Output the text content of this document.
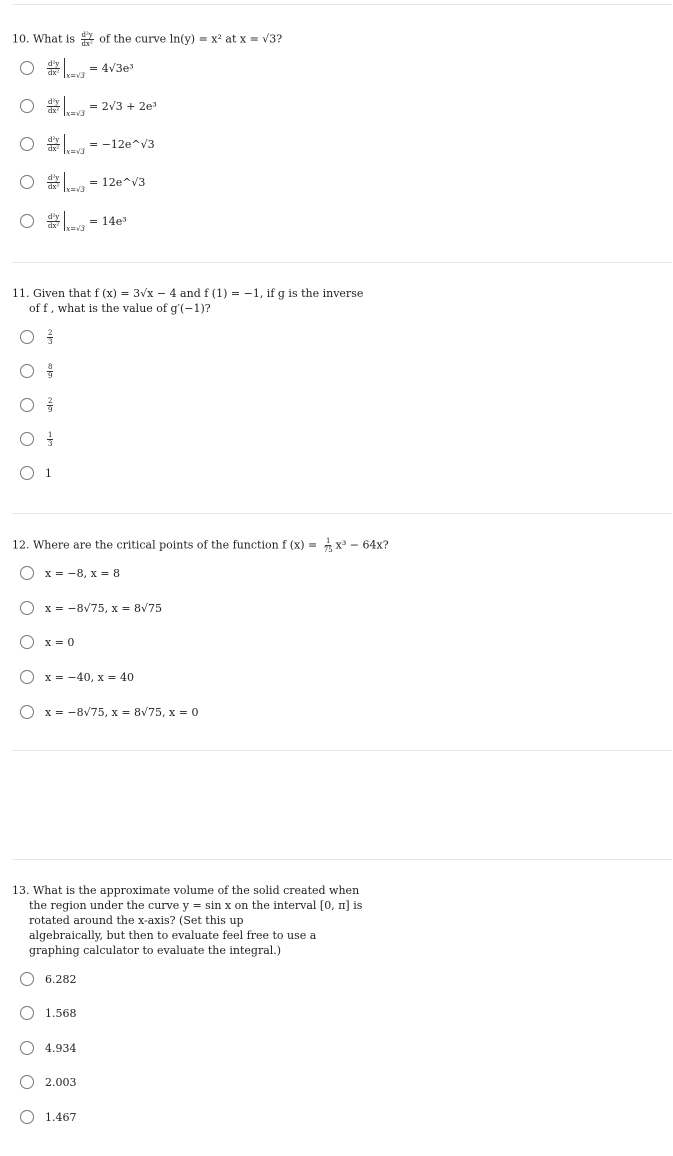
10. What is $\frac{\text{d²y}}{\text{dx²}}$ of the curve ln(y) = x² at x = √3?
$\frac{\text{d²y}}{\text{dx²}} x=√3$
= 4√3e³
$\frac{\text{d²y}}{\text{dx²}} x=√3$
= 2√3 + 2e³
$\frac{\text{d²y}}{\text{dx²}} x=√3$
= −12e^√3
$\frac{\text{d²y}}{\text{dx²}} x=√3$
= 12e^√3
$\frac{\text{d²y}}{\text{dx²}} x=√3$
= 14e³
11. Given that f (x) = 3√x − 4 and f (1) = −1, if g is the inverse
of f , what is the value of g′(−1)?
$\frac{2}{3}$
$\frac{8}{9}$
$\frac{2}{9}$
$\frac{1}{3}$
1
12. Where are the critical points of the function f $(x) = \frac{1}{75} x^3 - 64x$?
x = −8, x = 8
x = −8√75, x = 8√75
x = 0
x = −40, x = 40
x = −8√75, x = 8√75, x = 0
13. What is the approximate volume of the solid created when
the region under the curve y = sin x on the interval [0, π] is
rotated around the x-axis? (Set this up
algebraically, but then to evaluate feel free to use a
graphing calculator to evaluate the integral.)
6.282
1.568
4.934
2.003
1.467
